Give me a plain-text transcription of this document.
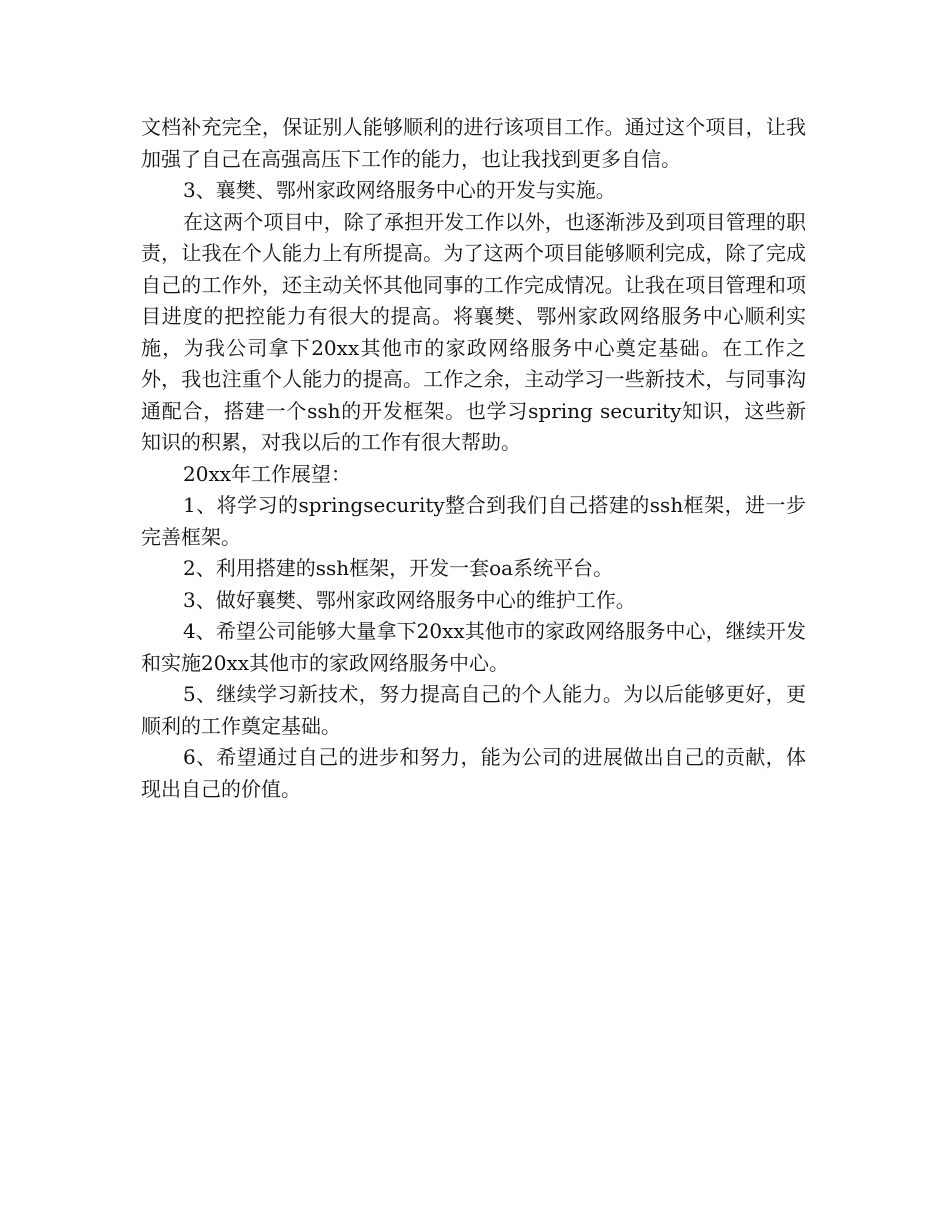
文档补充完全，保证别人能够顺利的进行该项目工作。通过这个项目，让我加强了自己在高强高压下工作的能力，也让我找到更多自信。

3、襄樊、鄂州家政网络服务中心的开发与实施。

在这两个项目中，除了承担开发工作以外，也逐渐涉及到项目管理的职责，让我在个人能力上有所提高。为了这两个项目能够顺利完成，除了完成自己的工作外，还主动关怀其他同事的工作完成情况。让我在项目管理和项目进度的把控能力有很大的提高。将襄樊、鄂州家政网络服务中心顺利实施，为我公司拿下20xx其他市的家政网络服务中心奠定基础。在工作之外，我也注重个人能力的提高。工作之余，主动学习一些新技术，与同事沟通配合，搭建一个ssh的开发框架。也学习spring security知识，这些新知识的积累，对我以后的工作有很大帮助。

20xx年工作展望：

1、将学习的springsecurity整合到我们自己搭建的ssh框架，进一步完善框架。

2、利用搭建的ssh框架，开发一套oa系统平台。

3、做好襄樊、鄂州家政网络服务中心的维护工作。

4、希望公司能够大量拿下20xx其他市的家政网络服务中心，继续开发和实施20xx其他市的家政网络服务中心。

5、继续学习新技术，努力提高自己的个人能力。为以后能够更好，更顺利的工作奠定基础。

6、希望通过自己的进步和努力，能为公司的进展做出自己的贡献，体现出自己的价值。
